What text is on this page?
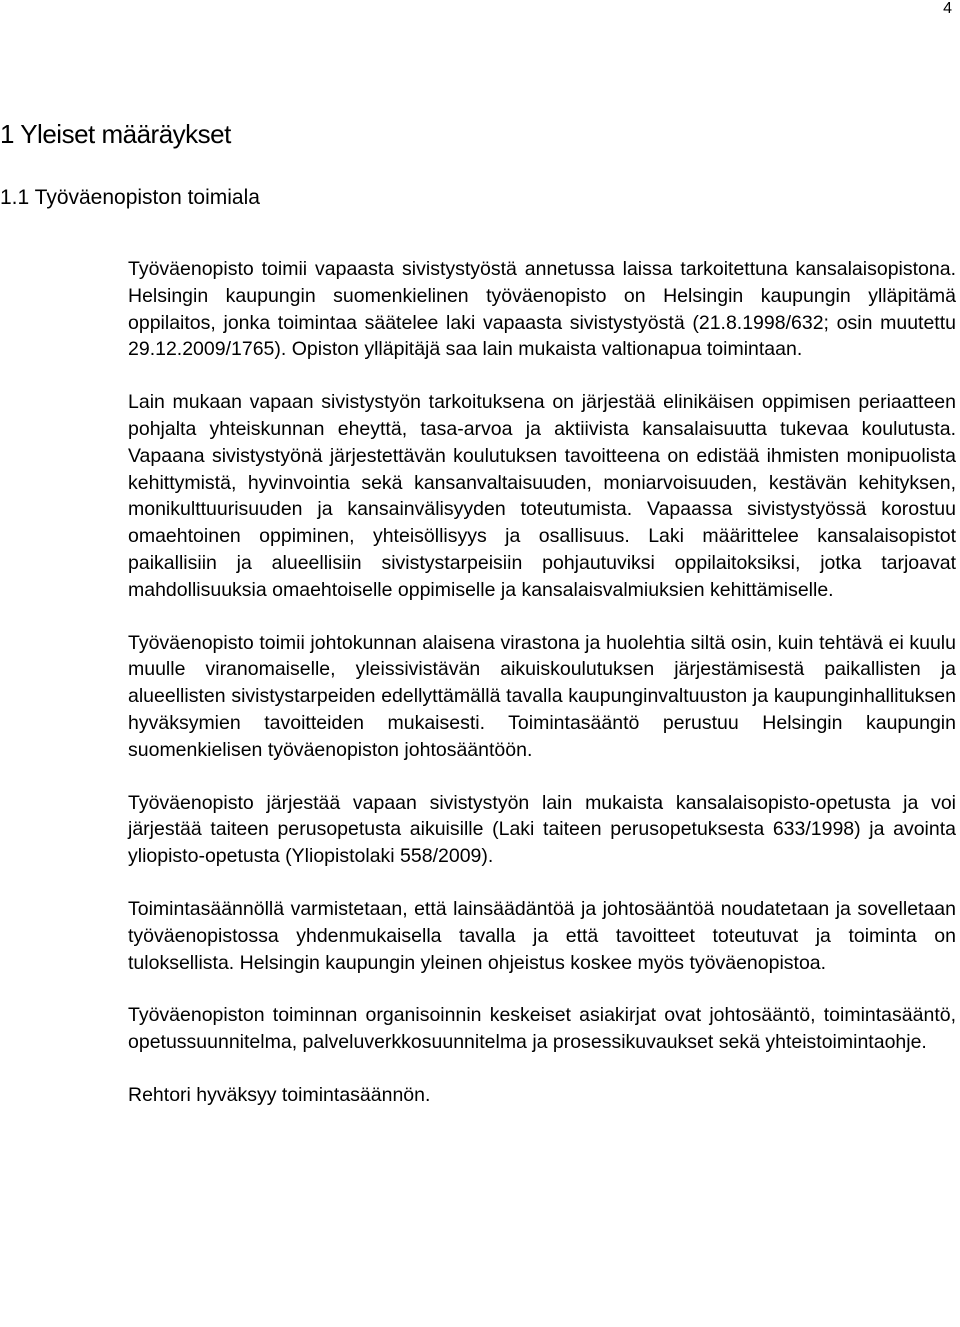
4
1 Yleiset määräykset
1.1 Työväenopiston toimiala

Työväenopisto toimii vapaasta sivistystyöstä annetussa laissa tarkoitettuna kansalaisopistona. Helsingin kaupungin suomenkielinen työväenopisto on Helsingin kaupungin ylläpitämä oppilaitos, jonka toimintaa säätelee laki vapaasta sivistystyöstä (21.8.1998/632; osin muutettu 29.12.2009/1765). Opiston ylläpitäjä saa lain mukaista valtionapua toimintaan.

Lain mukaan vapaan sivistystyön tarkoituksena on järjestää elinikäisen oppimisen periaatteen pohjalta yhteiskunnan eheyttä, tasa-arvoa ja aktiivista kansalaisuutta tukevaa koulutusta. Vapaana sivistystyönä järjestettävän koulutuksen tavoitteena on edistää ihmisten monipuolista kehittymistä, hyvinvointia sekä kansanvaltaisuuden, moniarvoisuuden, kestävän kehityksen, monikulttuurisuuden ja kansainvälisyyden toteutumista. Vapaassa sivistystyössä korostuu omaehtoinen oppiminen, yhteisöllisyys ja osallisuus. Laki määrittelee kansalaisopistot paikallisiin ja alueellisiin sivistystarpeisiin pohjautuviksi oppilaitoksiksi, jotka tarjoavat mahdollisuuksia omaehtoiselle oppimiselle ja kansalaisvalmiuksien kehittämiselle.

Työväenopisto toimii johtokunnan alaisena virastona ja huolehtia siltä osin, kuin tehtävä ei kuulu muulle viranomaiselle, yleissivistävän aikuiskoulutuksen järjestämisestä paikallisten ja alueellisten sivistystarpeiden edellyttämällä tavalla kaupunginvaltuuston ja kaupunginhallituksen hyväksymien tavoitteiden mukaisesti. Toimintasääntö perustuu Helsingin kaupungin suomenkielisen työväenopiston johtosääntöön.

Työväenopisto järjestää vapaan sivistystyön lain mukaista kansalaisopisto-opetusta ja voi järjestää taiteen perusopetusta aikuisille (Laki taiteen perusopetuksesta 633/1998) ja avointa yliopisto-opetusta (Yliopistolaki 558/2009).

Toimintasäännöllä varmistetaan, että lainsäädäntöä ja johtosääntöä noudatetaan ja sovelletaan työväenopistossa yhdenmukaisella tavalla ja että tavoitteet toteutuvat ja toiminta on tuloksellista. Helsingin kaupungin yleinen ohjeistus koskee myös työväenopistoa.

Työväenopiston toiminnan organisoinnin keskeiset asiakirjat ovat johtosääntö, toimintasääntö, opetussuunnitelma, palveluverkkosuunnitelma ja prosessikuvaukset sekä yhteistoimintaohje.

Rehtori hyväksyy toimintasäännön.
